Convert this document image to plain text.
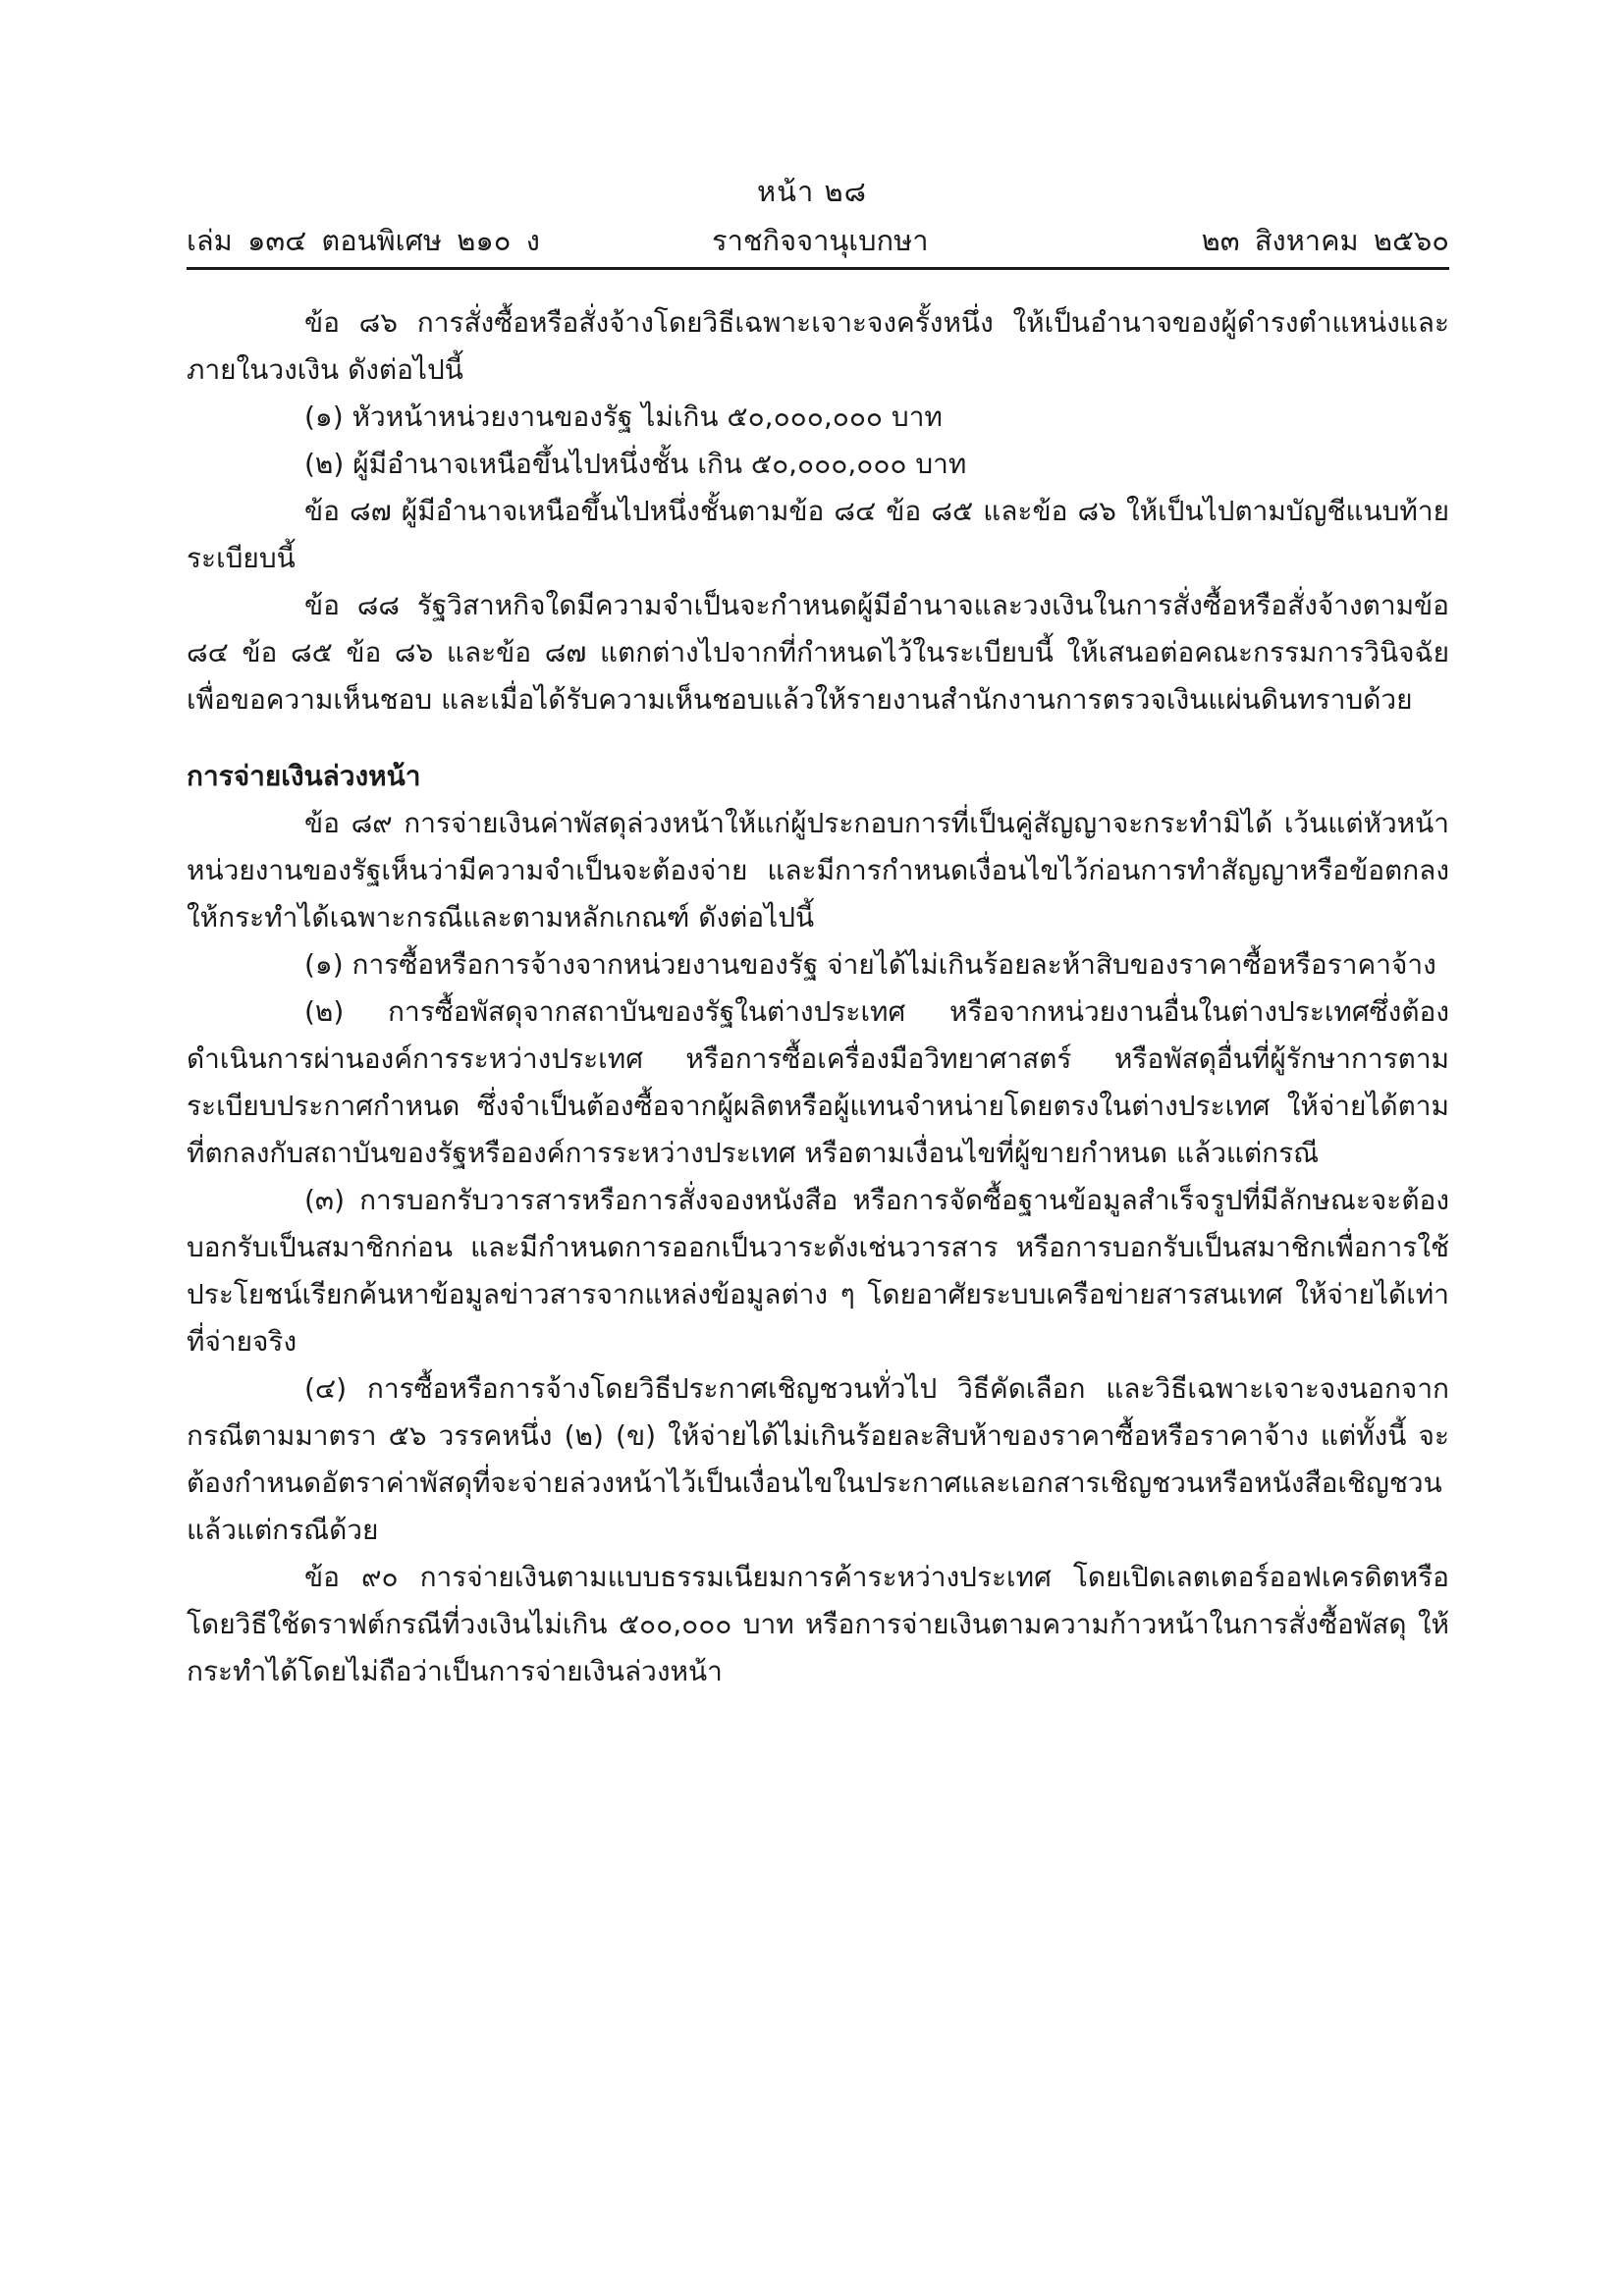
หน้า ๒๘
เล่ม ๑๓๔ ตอนพิเศษ ๒๑๐ ง	ราชกิจจานุเบกษา	๒๓ สิงหาคม ๒๕๖๐

ข้อ ๘๖ การสั่งซื้อหรือสั่งจ้างโดยวิธีเฉพาะเจาะจงครั้งหนึ่ง ให้เป็นอำนาจของผู้ดำรงตำแหน่งและภายในวงเงิน ดังต่อไปนี้

(๑) หัวหน้าหน่วยงานของรัฐ ไม่เกิน ๕๐,๐๐๐,๐๐๐ บาท

(๒) ผู้มีอำนาจเหนือขึ้นไปหนึ่งชั้น เกิน ๕๐,๐๐๐,๐๐๐ บาท

ข้อ ๘๗ ผู้มีอำนาจเหนือขึ้นไปหนึ่งชั้นตามข้อ ๘๔ ข้อ ๘๕ และข้อ ๘๖ ให้เป็นไปตามบัญชีแนบท้ายระเบียบนี้

ข้อ ๘๘ รัฐวิสาหกิจใดมีความจำเป็นจะกำหนดผู้มีอำนาจและวงเงินในการสั่งซื้อหรือสั่งจ้างตามข้อ ๘๔ ข้อ ๘๕ ข้อ ๘๖ และข้อ ๘๗ แตกต่างไปจากที่กำหนดไว้ในระเบียบนี้ ให้เสนอต่อคณะกรรมการวินิจฉัยเพื่อขอความเห็นชอบ และเมื่อได้รับความเห็นชอบแล้วให้รายงานสำนักงานการตรวจเงินแผ่นดินทราบด้วย

การจ่ายเงินล่วงหน้า

ข้อ ๘๙ การจ่ายเงินค่าพัสดุล่วงหน้าให้แก่ผู้ประกอบการที่เป็นคู่สัญญาจะกระทำมิได้ เว้นแต่หัวหน้าหน่วยงานของรัฐเห็นว่ามีความจำเป็นจะต้องจ่าย และมีการกำหนดเงื่อนไขไว้ก่อนการทำสัญญาหรือข้อตกลง ให้กระทำได้เฉพาะกรณีและตามหลักเกณฑ์ ดังต่อไปนี้

(๑) การซื้อหรือการจ้างจากหน่วยงานของรัฐ จ่ายได้ไม่เกินร้อยละห้าสิบของราคาซื้อหรือราคาจ้าง

(๒) การซื้อพัสดุจากสถาบันของรัฐในต่างประเทศ หรือจากหน่วยงานอื่นในต่างประเทศซึ่งต้องดำเนินการผ่านองค์การระหว่างประเทศ หรือการซื้อเครื่องมือวิทยาศาสตร์ หรือพัสดุอื่นที่ผู้รักษาการตามระเบียบประกาศกำหนด ซึ่งจำเป็นต้องซื้อจากผู้ผลิตหรือผู้แทนจำหน่ายโดยตรงในต่างประเทศ ให้จ่ายได้ตามที่ตกลงกับสถาบันของรัฐหรือองค์การระหว่างประเทศ หรือตามเงื่อนไขที่ผู้ขายกำหนด แล้วแต่กรณี

(๓) การบอกรับวารสารหรือการสั่งจองหนังสือ หรือการจัดซื้อฐานข้อมูลสำเร็จรูปที่มีลักษณะจะต้องบอกรับเป็นสมาชิกก่อน และมีกำหนดการออกเป็นวาระดังเช่นวารสาร หรือการบอกรับเป็นสมาชิกเพื่อการใช้ประโยชน์เรียกค้นหาข้อมูลข่าวสารจากแหล่งข้อมูลต่าง ๆ โดยอาศัยระบบเครือข่ายสารสนเทศ ให้จ่ายได้เท่าที่จ่ายจริง

(๔) การซื้อหรือการจ้างโดยวิธีประกาศเชิญชวนทั่วไป วิธีคัดเลือก และวิธีเฉพาะเจาะจงนอกจากกรณีตามมาตรา ๕๖ วรรคหนึ่ง (๒) (ข) ให้จ่ายได้ไม่เกินร้อยละสิบห้าของราคาซื้อหรือราคาจ้าง แต่ทั้งนี้ จะต้องกำหนดอัตราค่าพัสดุที่จะจ่ายล่วงหน้าไว้เป็นเงื่อนไขในประกาศและเอกสารเชิญชวนหรือหนังสือเชิญชวน แล้วแต่กรณีด้วย

ข้อ ๙๐ การจ่ายเงินตามแบบธรรมเนียมการค้าระหว่างประเทศ โดยเปิดเลตเตอร์ออฟเครดิตหรือโดยวิธีใช้ดราฟต์กรณีที่วงเงินไม่เกิน ๕๐๐,๐๐๐ บาท หรือการจ่ายเงินตามความก้าวหน้าในการสั่งซื้อพัสดุ ให้กระทำได้โดยไม่ถือว่าเป็นการจ่ายเงินล่วงหน้า
